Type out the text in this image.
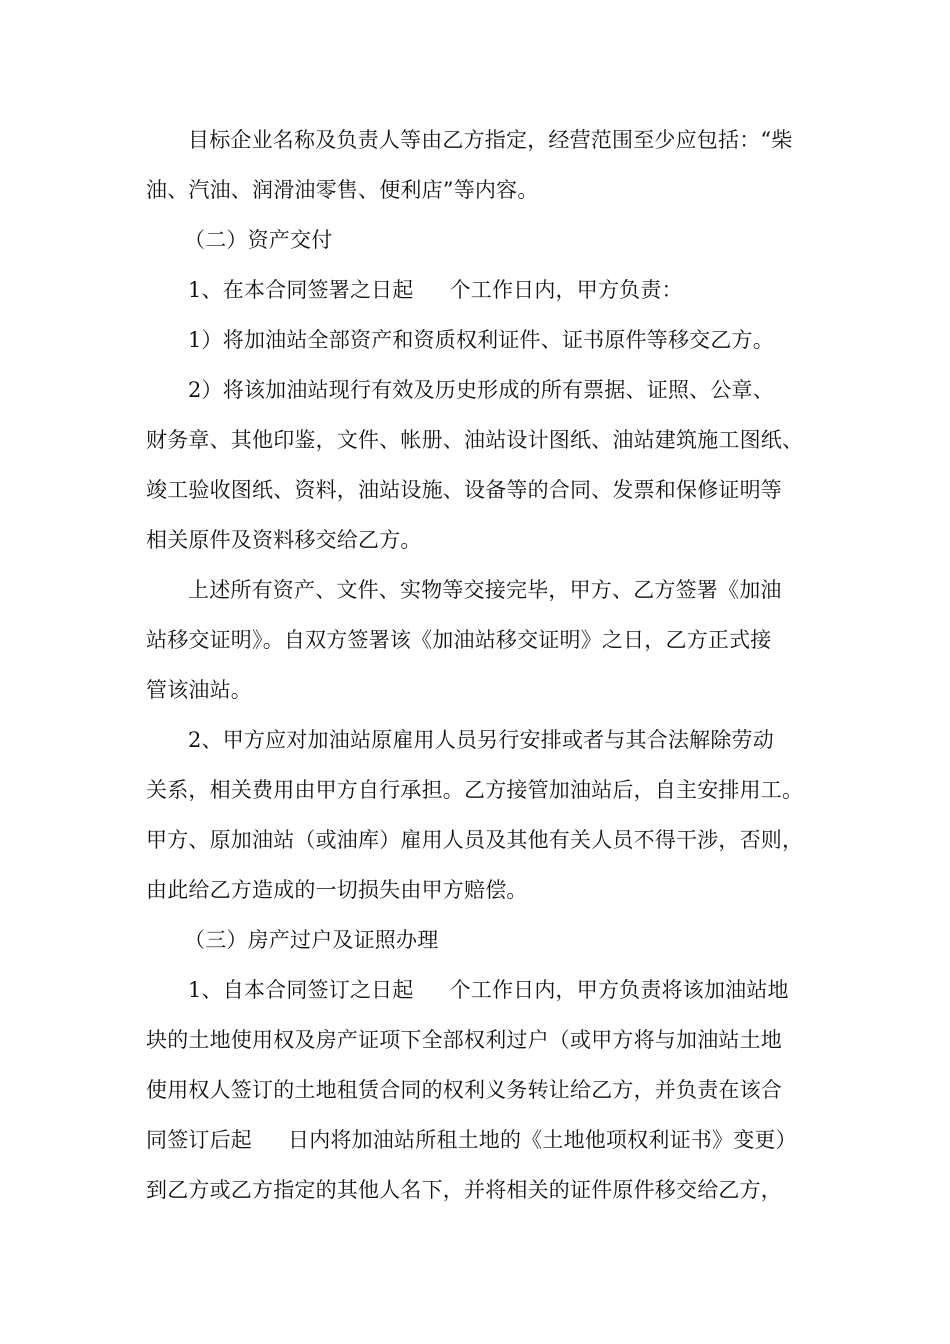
目标企业名称及负责人等由乙方指定，经营范围至少应包括：“柴
油、汽油、润滑油零售、便利店”等内容。
（二）资产交付
1、在本合同签署之日起 个工作日内，甲方负责：
1）将加油站全部资产和资质权利证件、证书原件等移交乙方。
2）将该加油站现行有效及历史形成的所有票据、证照、公章、
财务章、其他印鉴，文件、帐册、油站设计图纸、油站建筑施工图纸、
竣工验收图纸、资料，油站设施、设备等的合同、发票和保修证明等
相关原件及资料移交给乙方。
上述所有资产、文件、实物等交接完毕，甲方、乙方签署《加油
站移交证明》。自双方签署该《加油站移交证明》之日，乙方正式接
管该油站。
2、甲方应对加油站原雇用人员另行安排或者与其合法解除劳动
关系，相关费用由甲方自行承担。乙方接管加油站后，自主安排用工。
甲方、原加油站（或油库）雇用人员及其他有关人员不得干涉，否则，
由此给乙方造成的一切损失由甲方赔偿。
（三）房产过户及证照办理
1、自本合同签订之日起 个工作日内，甲方负责将该加油站地
块的土地使用权及房产证项下全部权利过户（或甲方将与加油站土地
使用权人签订的土地租赁合同的权利义务转让给乙方，并负责在该合
同签订后起 日内将加油站所租土地的《土地他项权利证书》变更）
到乙方或乙方指定的其他人名下，并将相关的证件原件移交给乙方，
